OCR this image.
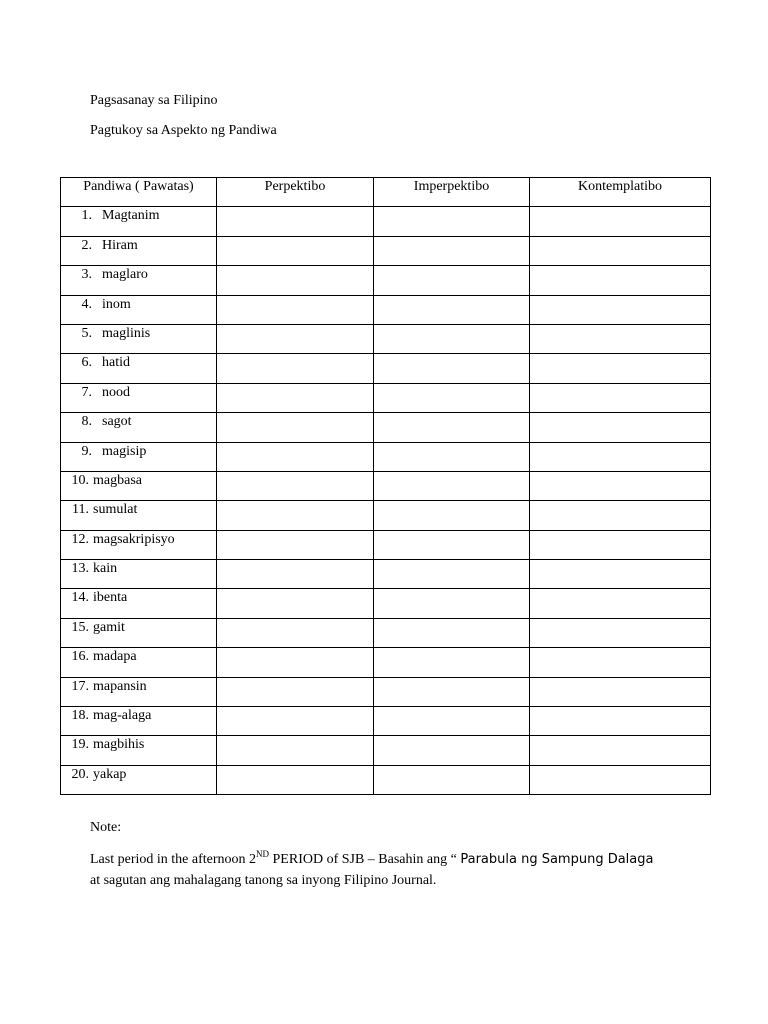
Pagsasanay sa Filipino
Pagtukoy sa Aspekto ng Pandiwa
Pandiwa ( Pawatas)	Perpektibo	Imperpektibo	Kontemplatibo
1. Magtanim			
2. Hiram			
3. maglaro			
4. inom			
5. maglinis			
6. hatid			
7. nood			
8. sagot			
9. magisip			
10. magbasa			
11. sumulat			
12. magsakripisyo			
13. kain			
14. ibenta			
15. gamit			
16. madapa			
17. mapansin			
18. mag-alaga			
19. magbihis			
20. yakap			
Note:
Last period in the afternoon 2ND PERIOD of SJB – Basahin ang “ Parabula ng Sampung Dalaga
at sagutan ang mahalagang tanong sa inyong Filipino Journal.
